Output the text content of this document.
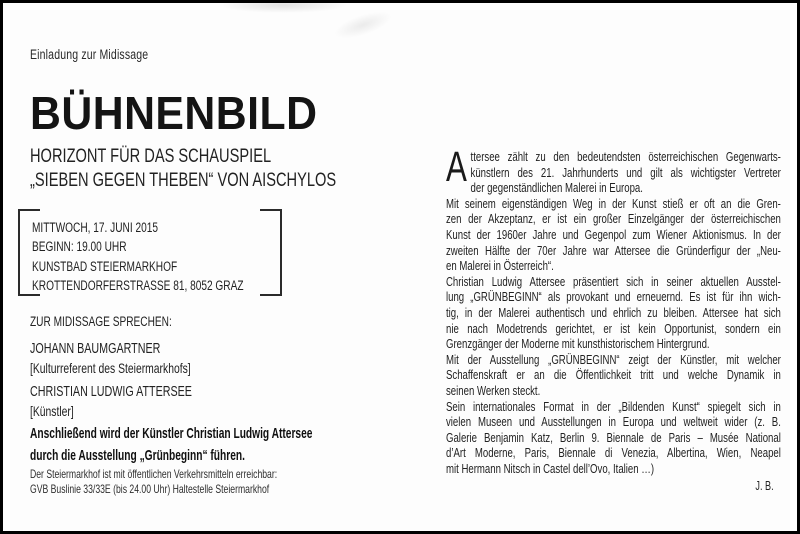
Einladung zur Midissage
BÜHNENBILD
HORIZONT FÜR DAS SCHAUSPIEL
„SIEBEN GEGEN THEBEN“ VON AISCHYLOS
MITTWOCH, 17. JUNI 2015
BEGINN: 19.00 UHR
KUNSTBAD STEIERMARKHOF
KROTTENDORFERSTRASSE 81, 8052 GRAZ
ZUR MIDISSAGE SPRECHEN:
JOHANN BAUMGARTNER
[Kulturreferent des Steiermarkhofs]
CHRISTIAN LUDWIG ATTERSEE
[Künstler]
Anschließend wird der Künstler Christian Ludwig Attersee
durch die Ausstellung „Grünbeginn“ führen.
Der Steiermarkhof ist mit öffentlichen Verkehrsmitteln erreichbar:
GVB Buslinie 33/33E (bis 24.00 Uhr) Haltestelle Steiermarkhof
A ttersee zählt zu den bedeutendsten österreichischen Gegenwarts-
künstlern des 21. Jahrhunderts und gilt als wichtigster Vertreter
der gegenständlichen Malerei in Europa.
Mit seinem eigenständigen Weg in der Kunst stieß er oft an die Gren-
zen der Akzeptanz, er ist ein großer Einzelgänger der österreichischen
Kunst der 1960er Jahre und Gegenpol zum Wiener Aktionismus. In der
zweiten Hälfte der 70er Jahre war Attersee die Gründerfigur der „Neu-
en Malerei in Österreich“.
Christian Ludwig Attersee präsentiert sich in seiner aktuellen Ausstel-
lung „GRÜNBEGINN“ als provokant und erneuernd. Es ist für ihn wich-
tig, in der Malerei authentisch und ehrlich zu bleiben. Attersee hat sich
nie nach Modetrends gerichtet, er ist kein Opportunist, sondern ein
Grenzgänger der Moderne mit kunsthistorischem Hintergrund.
Mit der Ausstellung „GRÜNBEGINN“ zeigt der Künstler, mit welcher
Schaffenskraft er an die Öffentlichkeit tritt und welche Dynamik in
seinen Werken steckt.
Sein internationales Format in der „Bildenden Kunst“ spiegelt sich in
vielen Museen und Ausstellungen in Europa und weltweit wider (z. B.
Galerie Benjamin Katz, Berlin 9. Biennale de Paris – Musée National
d’Art Moderne, Paris, Biennale di Venezia, Albertina, Wien, Neapel
mit Hermann Nitsch in Castel dell’Ovo, Italien …)
J. B.
